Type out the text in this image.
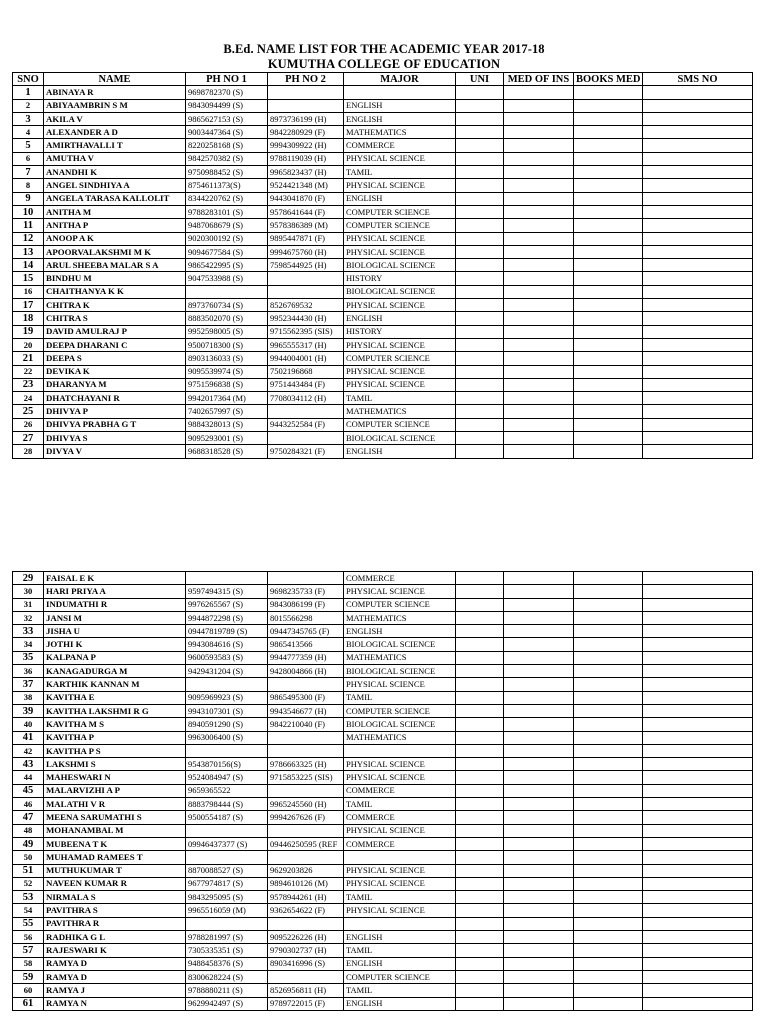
B.Ed. NAME LIST FOR THE ACADEMIC YEAR 2017-18
KUMUTHA COLLEGE OF EDUCATION
SNO	NAME	PH NO 1	PH NO 2	MAJOR	UNI	MED OF INS	BOOKS MED	SMS NO
1	ABINAYA R	9698782370 (S)						
2	ABIYAAMBRIN S M	9843094499 (S)		ENGLISH				
3	AKILA V	9865627153 (S)	8973736199 (H)	ENGLISH				
4	ALEXANDER A D	9003447364 (S)	9842280929 (F)	MATHEMATICS				
5	AMIRTHAVALLI T	8220258168 (S)	9994309922 (H)	COMMERCE				
6	AMUTHA V	9842570382 (S)	9788119039 (H)	PHYSICAL SCIENCE				
7	ANANDHI K	9750988452 (S)	9965823437 (H)	TAMIL				
8	ANGEL SINDHIYA A	8754611373(S)	9524421348 (M)	PHYSICAL SCIENCE				
9	ANGELA TARASA KALLOLIT	8344220762 (S)	9443041870 (F)	ENGLISH				
10	ANITHA M	9788283101 (S)	9578641644 (F)	COMPUTER SCIENCE				
11	ANITHA P	9487068679 (S)	9578386389 (M)	COMPUTER SCIENCE				
12	ANOOP A K	9020300192 (S)	9895447871 (F)	PHYSICAL SCIENCE				
13	APOORVALAKSHMI M K	9094677584 (S)	9994675760 (H)	PHYSICAL SCIENCE				
14	ARUL SHEEBA MALAR S A	9865422995 (S)	7598544925 (H)	BIOLOGICAL SCIENCE				
15	BINDHU M	9047533988 (S)		HISTORY				
16	CHAITHANYA K K			BIOLOGICAL SCIENCE				
17	CHITRA K	8973760734 (S)	8526769532	PHYSICAL SCIENCE				
18	CHITRA S	8883502070 (S)	9952344430 (H)	ENGLISH				
19	DAVID AMULRAJ P	9952598005 (S)	9715562395 (SIS)	HISTORY				
20	DEEPA DHARANI C	9500718300 (S)	9965555317 (H)	PHYSICAL SCIENCE				
21	DEEPA S	8903136033 (S)	9944004001 (H)	COMPUTER SCIENCE				
22	DEVIKA K	9095539974 (S)	7502196868	PHYSICAL SCIENCE				
23	DHARANYA M	9751596838 (S)	9751443484 (F)	PHYSICAL SCIENCE				
24	DHATCHAYANI R	9942017364 (M)	7708034112 (H)	TAMIL				
25	DHIVYA P	7402657997 (S)		MATHEMATICS				
26	DHIVYA PRABHA G T	9884328013 (S)	9443252584 (F)	COMPUTER SCIENCE				
27	DHIVYA S	9095293001 (S)		BIOLOGICAL SCIENCE				
28	DIVYA V	9688318528 (S)	9750284321 (F)	ENGLISH				
29	FAISAL E K			COMMERCE				
30	HARI PRIYA A	9597494315 (S)	9698235733 (F)	PHYSICAL SCIENCE				
31	INDUMATHI R	9976265567 (S)	9843086199 (F)	COMPUTER SCIENCE				
32	JANSI M	9944872298 (S)	8015566298	MATHEMATICS				
33	JISHA U	09447819789 (S)	09447345765 (F)	ENGLISH				
34	JOTHI K	9943084616 (S)	9865413566	BIOLOGICAL SCIENCE				
35	KALPANA P	9600593583 (S)	9944777359 (H)	MATHEMATICS				
36	KANAGADURGA M	9429431204 (S)	9428004866 (H)	BIOLOGICAL SCIENCE				
37	KARTHIK KANNAN M			PHYSICAL SCIENCE				
38	KAVITHA E	9095969923 (S)	9865495300 (F)	TAMIL				
39	KAVITHA LAKSHMI R G	9943107301 (S)	9943546677 (H)	COMPUTER SCIENCE				
40	KAVITHA M S	8940591290 (S)	9842210040 (F)	BIOLOGICAL SCIENCE				
41	KAVITHA P	9963006400 (S)		MATHEMATICS				
42	KAVITHA P S							
43	LAKSHMI S	9543870156(S)	9786663325 (H)	PHYSICAL SCIENCE				
44	MAHESWARI N	9524084947 (S)	9715853225 (SIS)	PHYSICAL SCIENCE				
45	MALARVIZHI A P	9659365522		COMMERCE				
46	MALATHI V R	8883798444 (S)	9965245560 (H)	TAMIL				
47	MEENA SARUMATHI S	9500554187 (S)	9994267626 (F)	COMMERCE				
48	MOHANAMBAL M			PHYSICAL SCIENCE				
49	MUBEENA T K	09946437377 (S)	09446250595 (REF	COMMERCE				
50	MUHAMAD RAMEES T							
51	MUTHUKUMAR T	8870088527 (S)	9629203826	PHYSICAL SCIENCE				
52	NAVEEN KUMAR R	9677974817 (S)	9894610126 (M)	PHYSICAL SCIENCE				
53	NIRMALA S	9843295095 (S)	9578944261 (H)	TAMIL				
54	PAVITHRA S	9965516059 (M)	9362654622 (F)	PHYSICAL SCIENCE				
55	PAVITHRA R							
56	RADHIKA G L	9788281997 (S)	9095226226 (H)	ENGLISH				
57	RAJESWARI K	7305335351 (S)	9790302737 (H)	TAMIL				
58	RAMYA D	9488458376 (S)	8903416996 (S)	ENGLISH				
59	RAMYA D	8300628224 (S)		COMPUTER SCIENCE				
60	RAMYA J	9788880211 (S)	8526956811 (H)	TAMIL				
61	RAMYA N	9629942497 (S)	9789722015 (F)	ENGLISH				
